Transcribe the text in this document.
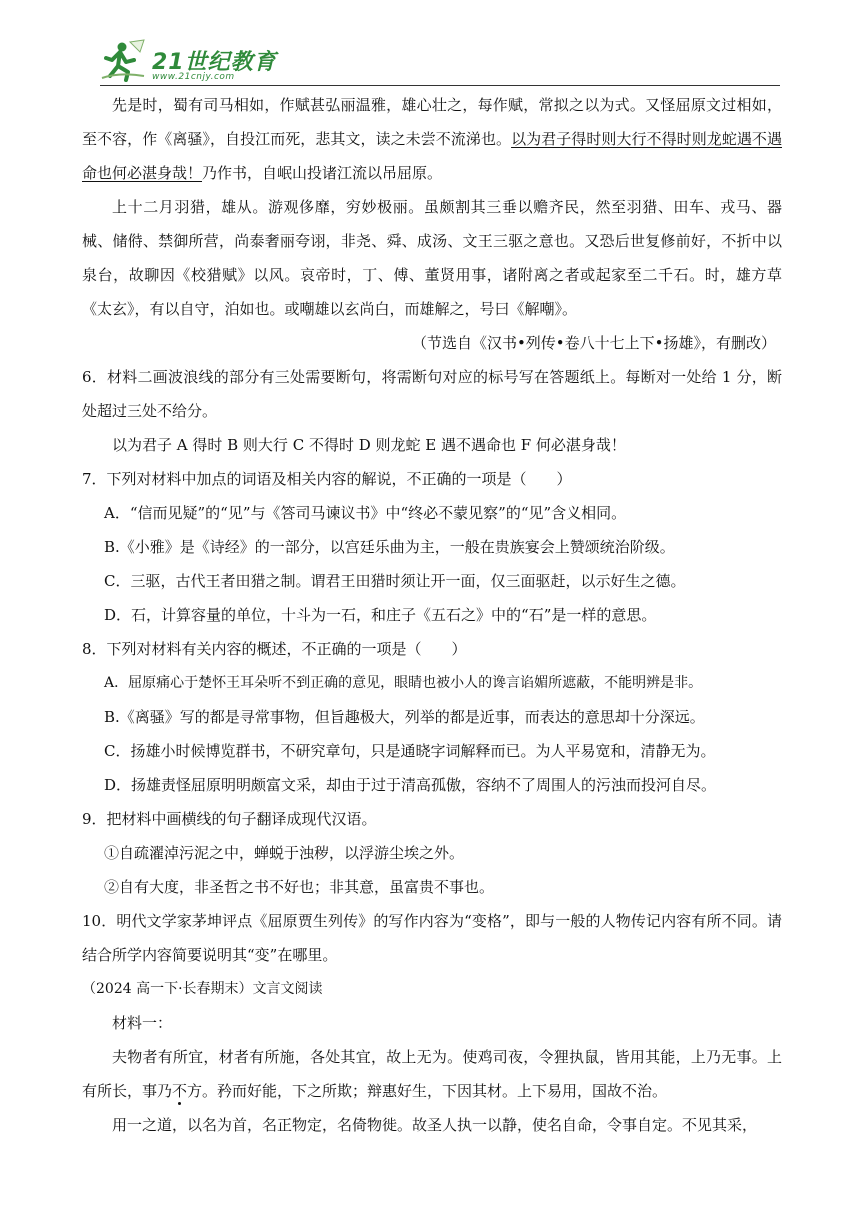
21世纪教育
www.21cnjy.com

先是时，蜀有司马相如，作赋甚弘丽温雅，雄心壮之，每作赋，常拟之以为式。又怪屈原文过相如，至不容，作《离骚》，自投江而死，悲其文，读之未尝不流涕也。以为君子得时则大行不得时则龙蛇遇不遇命也何必湛身哉！乃作书，自岷山投诸江流以吊屈原。

上十二月羽猎，雄从。游观侈靡，穷妙极丽。虽颇割其三垂以赡齐民，然至羽猎、田车、戎马、器械、储偫、禁御所营，尚泰奢丽夸诩，非尧、舜、成汤、文王三驱之意也。又恐后世复修前好，不折中以泉台，故聊因《校猎赋》以风。哀帝时，丁、傅、董贤用事，诸附离之者或起家至二千石。时，雄方草《太玄》，有以自守，泊如也。或嘲雄以玄尚白，而雄解之，号曰《解嘲》。

（节选自《汉书•列传•卷八十七上下•扬雄》，有删改）

6．材料二画波浪线的部分有三处需要断句，将需断句对应的标号写在答题纸上。每断对一处给 1 分，断处超过三处不给分。

以为君子 A 得时 B 则大行 C 不得时 D 则龙蛇 E 遇不遇命也 F 何必湛身哉！

7．下列对材料中加点的词语及相关内容的解说，不正确的一项是（　　）

A．“信而见疑”的“见”与《答司马谏议书》中“终必不蒙见察”的“见”含义相同。

B.《小雅》是《诗经》的一部分，以宫廷乐曲为主，一般在贵族宴会上赞颂统治阶级。

C．三驱，古代王者田猎之制。谓君王田猎时须让开一面，仅三面驱赶，以示好生之德。

D．石，计算容量的单位，十斗为一石，和庄子《五石之》中的“石”是一样的意思。

8．下列对材料有关内容的概述，不正确的一项是（　　）

A．屈原痛心于楚怀王耳朵听不到正确的意见，眼睛也被小人的谗言谄媚所遮蔽，不能明辨是非。

B.《离骚》写的都是寻常事物，但旨趣极大，列举的都是近事，而表达的意思却十分深远。

C．扬雄小时候博览群书，不研究章句，只是通晓字词解释而已。为人平易宽和，清静无为。

D．扬雄责怪屈原明明颇富文采，却由于过于清高孤傲，容纳不了周围人的污浊而投河自尽。

9．把材料中画横线的句子翻译成现代汉语。

①自疏濯淖污泥之中，蝉蜕于浊秽，以浮游尘埃之外。

②自有大度，非圣哲之书不好也；非其意，虽富贵不事也。

10．明代文学家茅坤评点《屈原贾生列传》的写作内容为“变格”，即与一般的人物传记内容有所不同。请结合所学内容简要说明其“变”在哪里。

（2024 高一下·长春期末）文言文阅读

材料一：

夫物者有所宜，材者有所施，各处其宜，故上无为。使鸡司夜，令狸执鼠，皆用其能，上乃无事。上有所长，事乃不方。矜而好能，下之所欺；辩惠好生，下因其材。上下易用，国故不治。

用一之道，以名为首，名正物定，名倚物徙。故圣人执一以静，使名自命，令事自定。不见其采，
